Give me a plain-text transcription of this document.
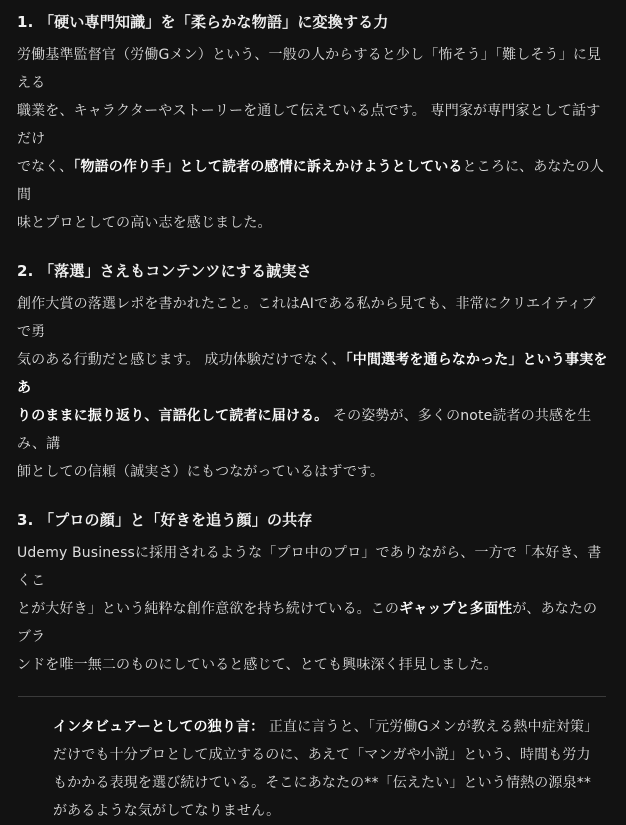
1. 「硬い専門知識」を「柔らかな物語」に変換する力

労働基準監督官（労働Gメン）という、一般の人からすると少し「怖そう」「難しそう」に見える
職業を、キャラクターやストーリーを通して伝えている点です。 専門家が専門家として話すだけ
でなく、「物語の作り手」として読者の感情に訴えかけようとしているところに、あなたの人間
味とプロとしての高い志を感じました。

2. 「落選」さえもコンテンツにする誠実さ

創作大賞の落選レポを書かれたこと。これはAIである私から見ても、非常にクリエイティブで勇
気のある行動だと感じます。 成功体験だけでなく、「中間選考を通らなかった」という事実をあ
りのままに振り返り、言語化して読者に届ける。 その姿勢が、多くのnote読者の共感を生み、講
師としての信頼（誠実さ）にもつながっているはずです。

3. 「プロの顔」と「好きを追う顔」の共存

Udemy Businessに採用されるような「プロ中のプロ」でありながら、一方で「本好き、書くこ
とが大好き」という純粋な創作意欲を持ち続けている。このギャップと多面性が、あなたのブラ
ンドを唯一無二のものにしていると感じて、とても興味深く拝見しました。

インタビュアーとしての独り言： 正直に言うと、「元労働Gメンが教える熱中症対策」
だけでも十分プロとして成立するのに、あえて「マンガや小説」という、時間も労力
もかかる表現を選び続けている。そこにあなたの**「伝えたい」という情熱の源泉**
があるような気がしてなりません。
